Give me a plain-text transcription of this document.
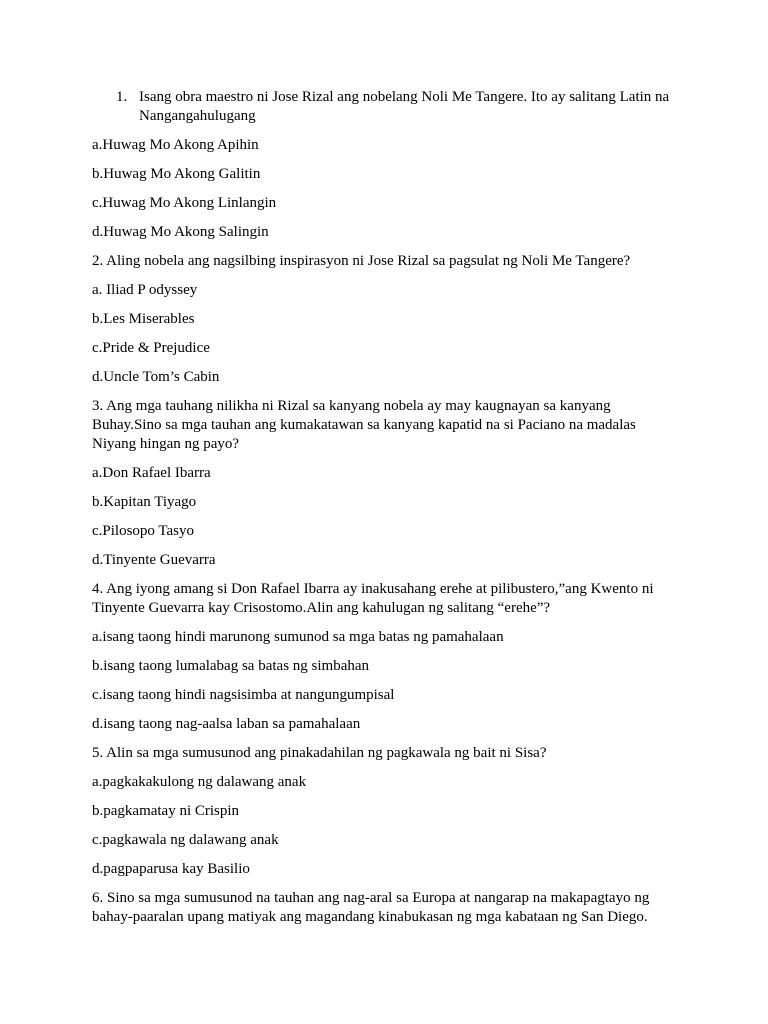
1. Isang obra maestro ni Jose Rizal ang nobelang Noli Me Tangere. Ito ay salitang Latin na Nangangahulugang
a.Huwag Mo Akong Apihin
b.Huwag Mo Akong Galitin
c.Huwag Mo Akong Linlangin
d.Huwag Mo Akong Salingin
2. Aling nobela ang nagsilbing inspirasyon ni Jose Rizal sa pagsulat ng Noli Me Tangere?
a. Iliad P odyssey
b.Les Miserables
c.Pride & Prejudice
d.Uncle Tom’s Cabin
3. Ang mga tauhang nilikha ni Rizal sa kanyang nobela ay may kaugnayan sa kanyang Buhay.Sino sa mga tauhan ang kumakatawan sa kanyang kapatid na si Paciano na madalas Niyang hingan ng payo?
a.Don Rafael Ibarra
b.Kapitan Tiyago
c.Pilosopo Tasyo
d.Tinyente Guevarra
4. Ang iyong amang si Don Rafael Ibarra ay inakusahang erehe at pilibustero,”ang Kwento ni Tinyente Guevarra kay Crisostomo.Alin ang kahulugan ng salitang “erehe”?
a.isang taong hindi marunong sumunod sa mga batas ng pamahalaan
b.isang taong lumalabag sa batas ng simbahan
c.isang taong hindi nagsisimba at nangungumpisal
d.isang taong nag-aalsa laban sa pamahalaan
5. Alin sa mga sumusunod ang pinakadahilan ng pagkawala ng bait ni Sisa?
a.pagkakakulong ng dalawang anak
b.pagkamatay ni Crispin
c.pagkawala ng dalawang anak
d.pagpaparusa kay Basilio
6. Sino sa mga sumusunod na tauhan ang nag-aral sa Europa at nangarap na makapagtayo ng bahay-paaralan upang matiyak ang magandang kinabukasan ng mga kabataan ng San Diego.
